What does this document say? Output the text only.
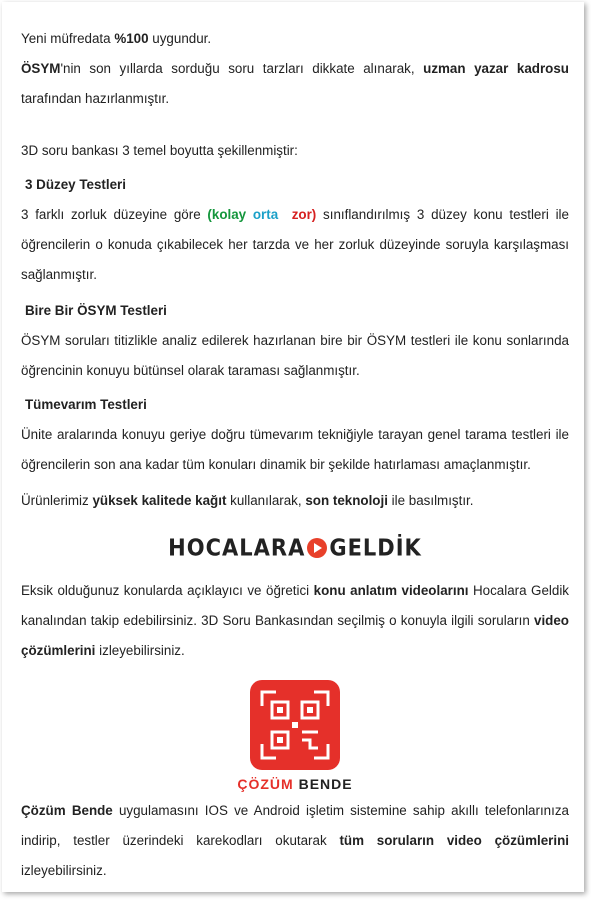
Yeni müfredata %100 uygundur.

ÖSYM'nin son yıllarda sorduğu soru tarzları dikkate alınarak, uzman yazar kadrosu tarafından hazırlanmıştır.

3D soru bankası 3 temel boyutta şekillenmiştir:

3 Düzey Testleri

3 farklı zorluk düzeyine göre (kolay orta zor) sınıflandırılmış 3 düzey konu testleri ile öğrencilerin o konuda çıkabilecek her tarzda ve her zorluk düzeyinde soruyla karşılaşması sağlanmıştır.

Bire Bir ÖSYM Testleri

ÖSYM soruları titizlikle analiz edilerek hazırlanan bire bir ÖSYM testleri ile konu sonlarında öğrencinin konuyu bütünsel olarak taraması sağlanmıştır.

Tümevarım Testleri

Ünite aralarında konuyu geriye doğru tümevarım tekniğiyle tarayan genel tarama testleri ile öğrencilerin son ana kadar tüm konuları dinamik bir şekilde hatırlaması amaçlanmıştır.

Ürünlerimiz yüksek kalitede kağıt kullanılarak, son teknoloji ile basılmıştır.

HOCALARA GELDİK

Eksik olduğunuz konularda açıklayıcı ve öğretici konu anlatım videolarını Hocalara Geldik kanalından takip edebilirsiniz. 3D Soru Bankasından seçilmiş o konuyla ilgili soruların video çözümlerini izleyebilirsiniz.

ÇÖZÜM BENDE

Çözüm Bende uygulamasını IOS ve Android işletim sistemine sahip akıllı telefonlarınıza indirip, testler üzerindeki karekodları okutarak tüm soruların video çözümlerini izleyebilirsiniz.
